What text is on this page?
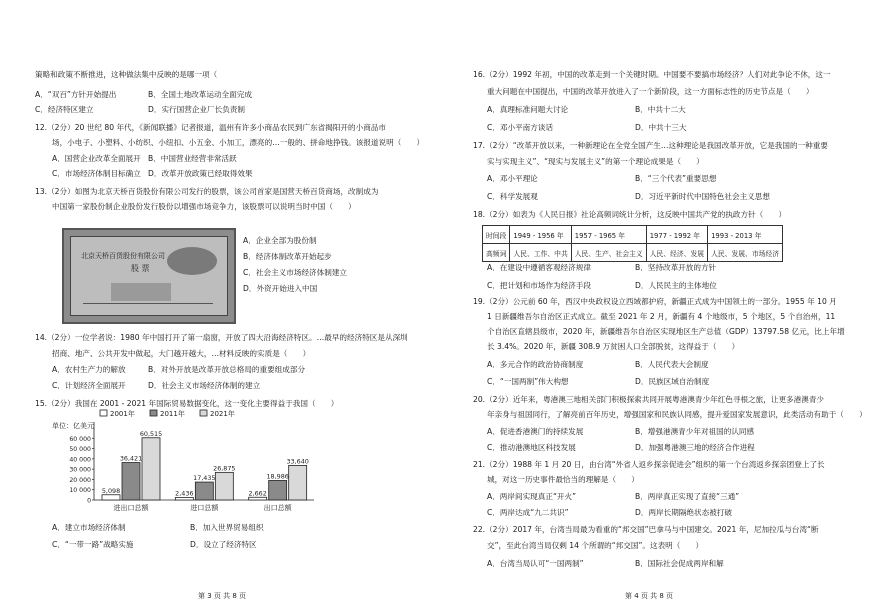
策略和政策不断推进，这种做法集中反映的是哪一项（
A．“双百”方针开始提出	B．全国土地改革运动全面完成
C．经济特区建立	D．实行国营企业厂长负责制
12.（2分）20 世纪 80 年代，《新闻联播》记者报道，温州有许多小商品农民到广东省揭阳开的小商品市
场，小电子、小塑料、小纺织、小纽扣、小五金、小加工，漂亮的…一般的、拼命地挣钱。该报道说明（　　）
A．国营企业改革全面展开 B．中国营业经营非常活跃
C．市场经济体制目标确立 D．改革开放政策已经取得效果
13.（2分）如图为北京天桥百货股份有限公司发行的股票，该公司首家是国营天桥百货商场，改制成为
中国第一家股份制企业股份发行股份以增强市场竞争力，该股票可以说明当时中国（　　）
北京天桥百货股份有限公司
股 票
A．企业全部为股份制
B．经济体制改革开始起步
C．社会主义市场经济体制建立
D．外资开始进入中国
14.（2分）一位学者说：1980 年中国打开了第一扇窗，开放了四大沿海经济特区。…最早的经济特区是从深圳
招商、地产、公共开发中做起，大门越开越大，…材料反映的实质是（　　）
A．农村生产力的解放	B．对外开放是改革开放总格局的重要组成部分
C．计划经济全面展开	D．社会主义市场经济体制的建立
15.（2分）我国在 2001 - 2021 年国际贸易数据变化，这一变化主要得益于我国（　　）
2001年	2011年	2021年
单位：亿美元
60 000
50 000
40 000
30 000
20 000
10 000
0
5,098
36,421
60,515
进出口总额
2,436
17,435
26,875
进口总额
2,662
18,986
33,640
出口总额
A．建立市场经济体制	B．加入世界贸易组织
C．“一带一路”战略实施	D．设立了经济特区
第 3 页 共 8 页
16.（2分）1992 年初，中国的改革走到一个关键时期。中国要不要搞市场经济？人们对此争论不休，这一
重大问题在中国提出，中国的改革开放进入了一个新阶段，这一方面标志性的历史节点是（　　）
A．真理标准问题大讨论	B．中共十二大
C．邓小平南方谈话	D．中共十三大
17.（2分）“改革开放以来，一种新理论在全党全国产生…这种理论是我国改革开放，它是我国的一种重要
实与实现主义”、“现实与发展主义”的第一个理论成果是（　　）
A．邓小平理论	B．“三个代表”重要思想
C．科学发展观	D．习近平新时代中国特色社会主义思想
18.（2分）如表为《人民日报》社论高频词统计分析，这反映中国共产党的执政方针（　　）
A．在建设中遵循客观经济规律	B．坚持改革开放的方针
C．把计划和市场作为经济手段	D．人民民主的主体地位
19.（2分）公元前 60 年，西汉中央政权设立西域都护府，新疆正式成为中国领土的一部分。1955 年 10 月
1 日新疆维吾尔自治区正式成立。截至 2021 年 2 月，新疆有 4 个地级市，5 个地区，5 个自治州，11
个自治区直辖县级市，2020 年，新疆维吾尔自治区实现地区生产总值（GDP）13797.58 亿元，比上年增
长 3.4%。2020 年，新疆 308.9 万贫困人口全部脱贫，这得益于（　　）
A．多元合作的政治协商制度	B．人民代表大会制度
C．“一国两制”伟大构想	D．民族区域自治制度
20.（2分）近年来，粤港澳三地相关部门积极探索共同开展粤港澳青少年红色寻根之旅，让更多港澳青少
年亲身与祖国同行，了解亮前百年历史，增强国家和民族认同感，提升爱国家发展意识，此类活动有助于（　　）
A．促进香港澳门的持续发展	B．增强港澳青少年对祖国的认同感
C．推动港澳地区科技发展	D．加强粤港澳三地的经济合作进程
21.（2分）1988 年 1 月 20 日，由台湾“外省人返乡探亲促进会”组织的第一个台湾返乡探亲团登上了长
城，对这一历史事件最恰当的理解是（　　）
A．两岸间实现真正“开火”	B．两岸真正实现了直接“三通”
C．两岸达成“九二共识”	D．两岸长期隔绝状态被打破
22.（2分）2017 年，台湾当局最为看重的“邦交国”巴拿马与中国建交。2021 年，尼加拉瓜与台湾“断
交”，至此台湾当局仅剩 14 个所谓的“邦交国”。这表明（　　）
A．台湾当局认可“一国两制”	B．国际社会促成两岸和解
第 4 页 共 8 页
时间段	1949 - 1956 年	1957 - 1965 年	1977 - 1992 年	1993 - 2013 年
高频词	人民、工作、中共	人民、生产、社会主义	人民、经济、发展	人民、发展、市场经济
